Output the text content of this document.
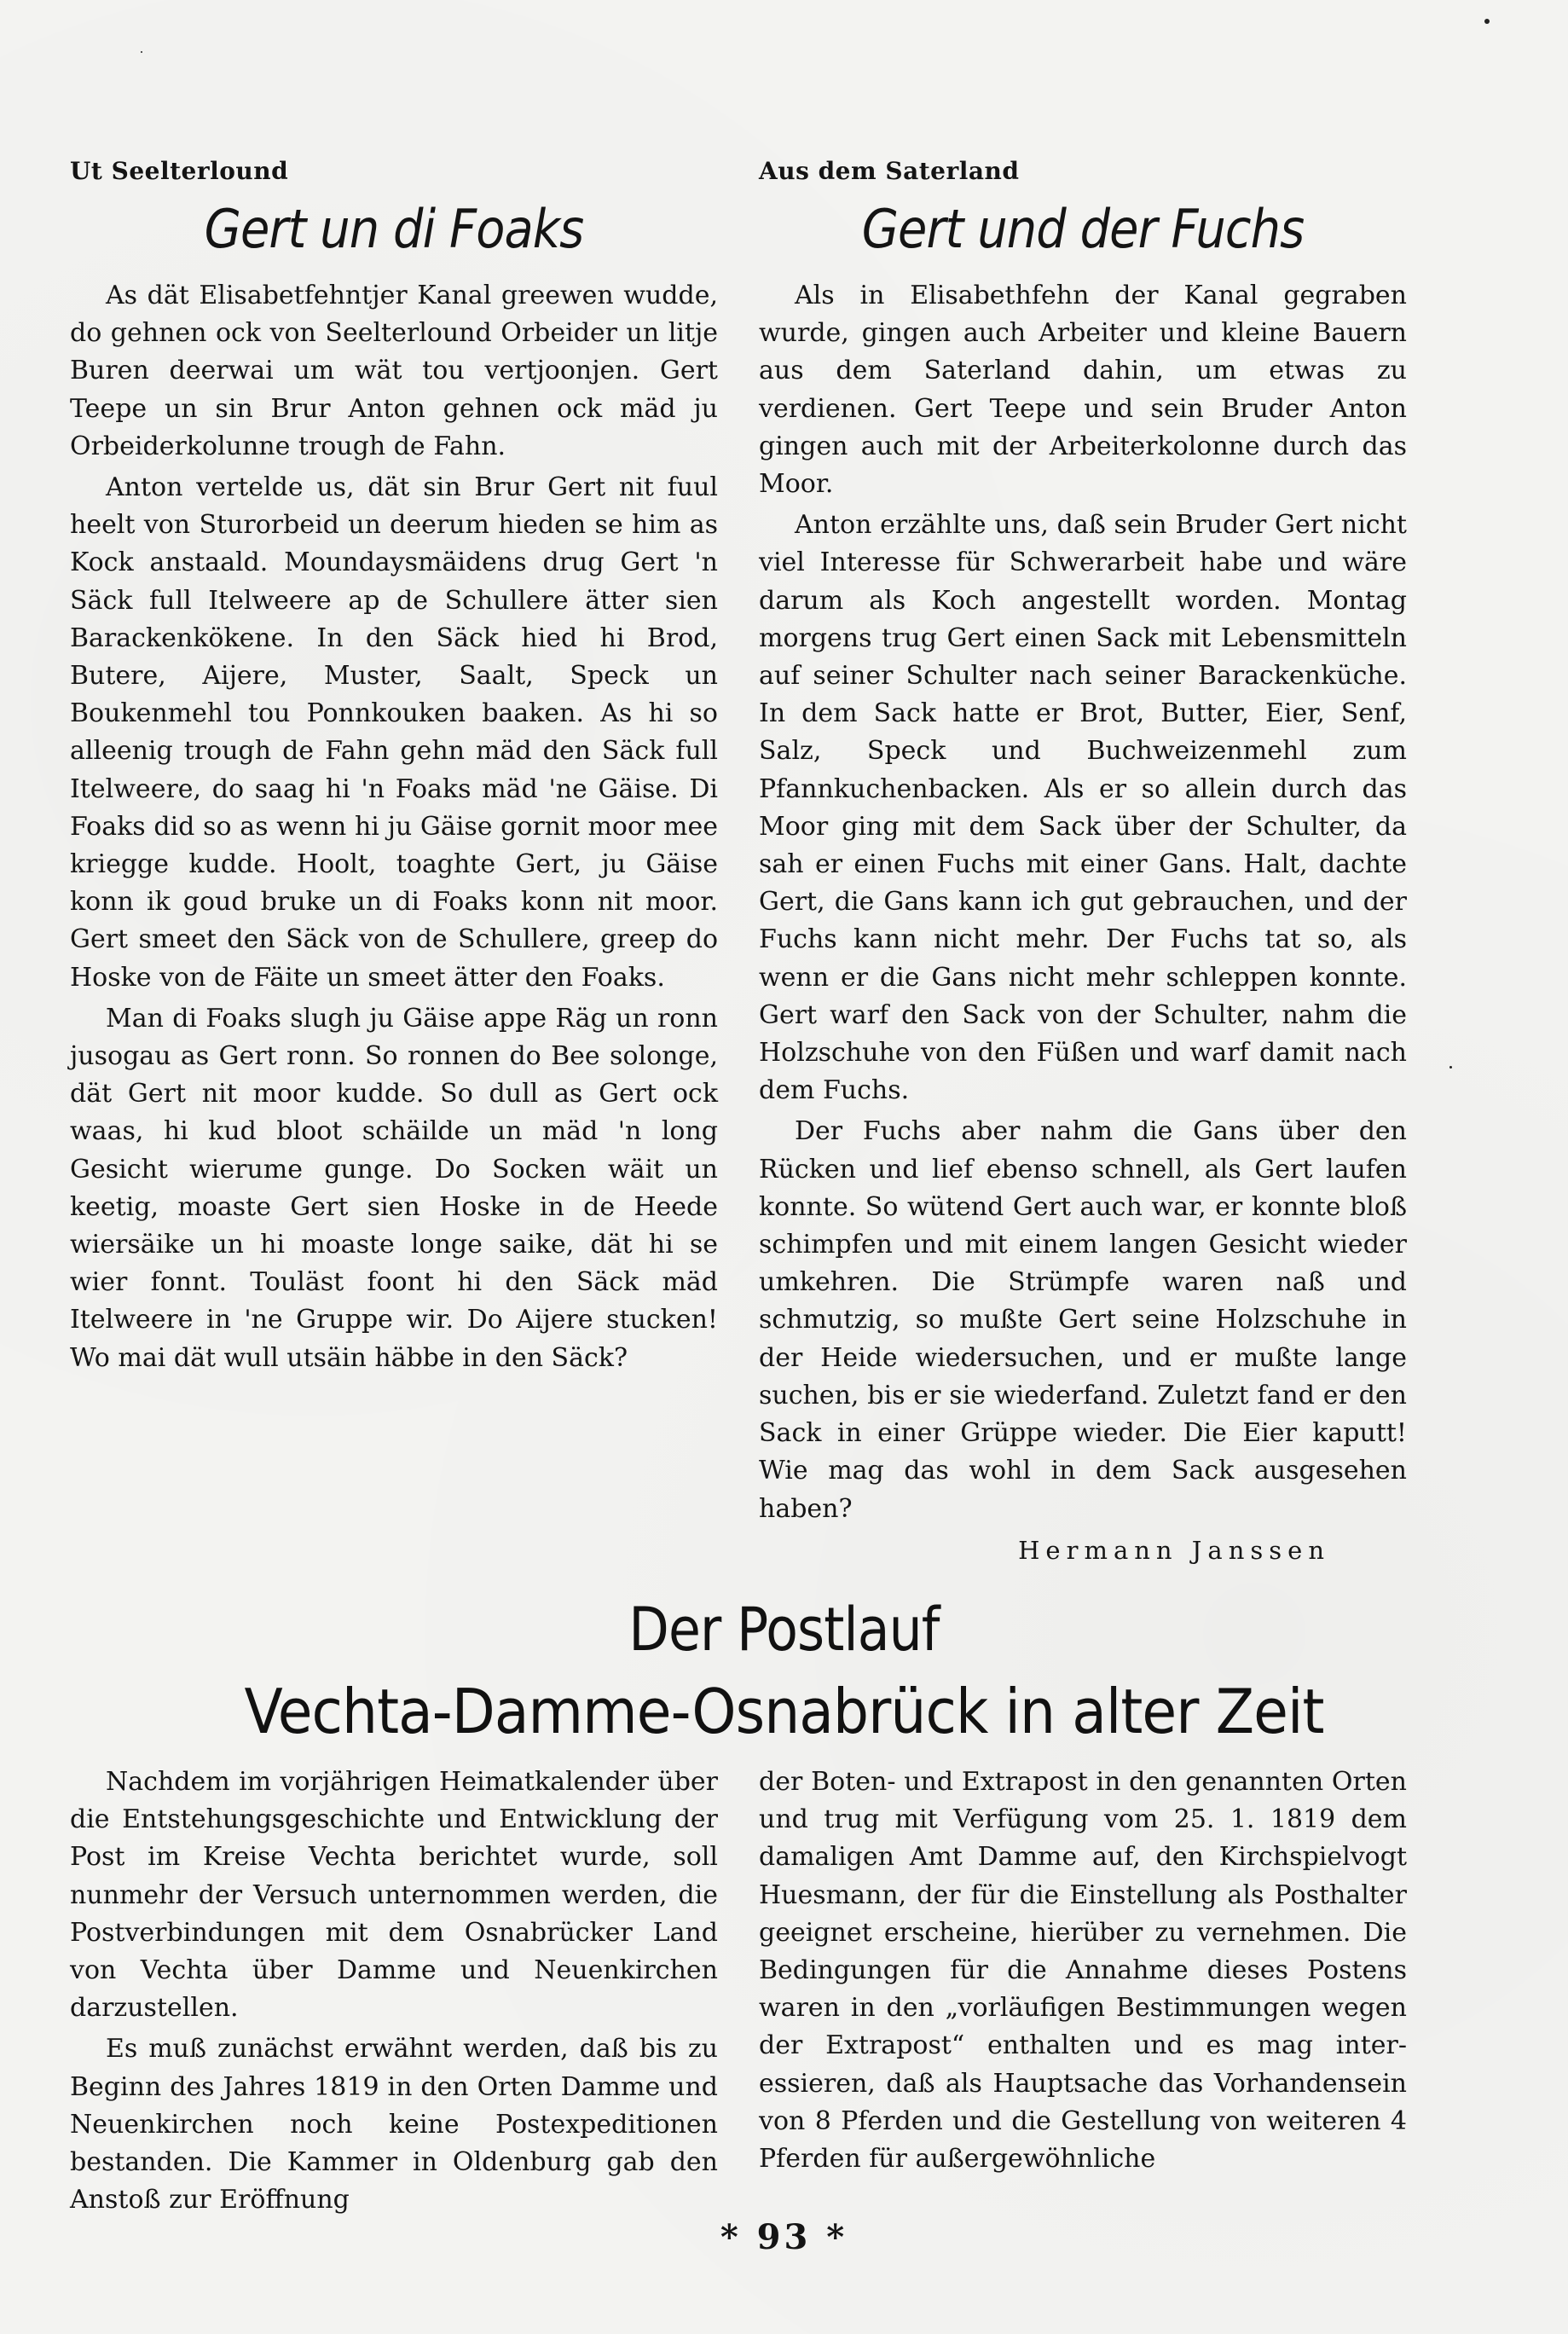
Ut Seelterlound
Gert un di Foaks

As dät Elisabetfehntjer Kanal greewen wudde, do gehnen ock von Seelterlound Orbeider un litje Buren deerwai um wät tou vertjoonjen. Gert Teepe un sin Brur Anton gehnen ock mäd ju Orbeiderkolunne trough de Fahn.

Anton vertelde us, dät sin Brur Gert nit fuul heelt von Sturorbeid un deerum hieden se him as Kock anstaald. Moundaysmäidens drug Gert 'n Säck full Itelweere ap de Schullere ätter sien Barackenkökene. In den Säck hied hi Brod, Butere, Aijere, Muster, Saalt, Speck un Boukenmehl tou Ponnkouken baaken. As hi so alleenig trough de Fahn gehn mäd den Säck full Itelweere, do saag hi 'n Foaks mäd 'ne Gäise. Di Foaks did so as wenn hi ju Gäise gornit moor mee kriegge kudde. Hoolt, toaghte Gert, ju Gäise konn ik goud bruke un di Foaks konn nit moor. Gert smeet den Säck von de Schullere, greep do Hoske von de Fäite un smeet ätter den Foaks.

Man di Foaks slugh ju Gäise appe Räg un ronn jusogau as Gert ronn. So ronnen do Bee solonge, dät Gert nit moor kudde. So dull as Gert ock waas, hi kud bloot schäilde un mäd 'n long Gesicht wierume gunge. Do Socken wäit un keetig, moaste Gert sien Hoske in de Heede wiersäike un hi moaste longe saike, dät hi se wier fonnt. Touläst foont hi den Säck mäd Itelweere in 'ne Gruppe wir. Do Aijere stucken! Wo mai dät wull utsäin häbbe in den Säck?

Aus dem Saterland
Gert und der Fuchs

Als in Elisabethfehn der Kanal gegraben wurde, gingen auch Arbeiter und kleine Bauern aus dem Saterland dahin, um etwas zu verdienen. Gert Teepe und sein Bruder Anton gingen auch mit der Arbeiterkolonne durch das Moor.

Anton erzählte uns, daß sein Bruder Gert nicht viel Interesse für Schwerarbeit habe und wäre darum als Koch angestellt worden. Montag morgens trug Gert einen Sack mit Lebensmitteln auf seiner Schulter nach seiner Barackenküche. In dem Sack hatte er Brot, Butter, Eier, Senf, Salz, Speck und Buchweizenmehl zum Pfannkuchenbacken. Als er so allein durch das Moor ging mit dem Sack über der Schulter, da sah er einen Fuchs mit einer Gans. Halt, dachte Gert, die Gans kann ich gut gebrauchen, und der Fuchs kann nicht mehr. Der Fuchs tat so, als wenn er die Gans nicht mehr schleppen konnte. Gert warf den Sack von der Schulter, nahm die Holzschuhe von den Füßen und warf damit nach dem Fuchs.

Der Fuchs aber nahm die Gans über den Rücken und lief ebenso schnell, als Gert laufen konnte. So wütend Gert auch war, er konnte bloß schimpfen und mit einem langen Gesicht wieder umkehren. Die Strümpfe waren naß und schmutzig, so mußte Gert seine Holzschuhe in der Heide wiedersuchen, und er mußte lange suchen, bis er sie wiederfand. Zuletzt fand er den Sack in einer Grüppe wieder. Die Eier kaputt! Wie mag das wohl in dem Sack ausgesehen haben?

Hermann Janssen

Der Postlauf
Vechta-Damme-Osnabrück in alter Zeit

Nachdem im vorjährigen Heimatkalender über die Entstehungsgeschichte und Entwicklung der Post im Kreise Vechta berichtet wurde, soll nunmehr der Versuch unternommen werden, die Postverbindungen mit dem Osnabrücker Land von Vechta über Damme und Neuenkirchen darzustellen.

Es muß zunächst erwähnt werden, daß bis zu Beginn des Jahres 1819 in den Orten Damme und Neuenkirchen noch keine Postexpeditionen bestanden. Die Kammer in Oldenburg gab den Anstoß zur Eröffnung

der Boten- und Extrapost in den genannten Orten und trug mit Verfügung vom 25. 1. 1819 dem damaligen Amt Damme auf, den Kirchspielvogt Huesmann, der für die Einstellung als Posthalter geeignet erscheine, hierüber zu vernehmen. Die Bedingungen für die Annahme dieses Postens waren in den „vorläufigen Bestimmungen wegen der Extrapost“ enthalten und es mag interessieren, daß als Hauptsache das Vorhandensein von 8 Pferden und die Gestellung von weiteren 4 Pferden für außergewöhnliche

* 93 *
